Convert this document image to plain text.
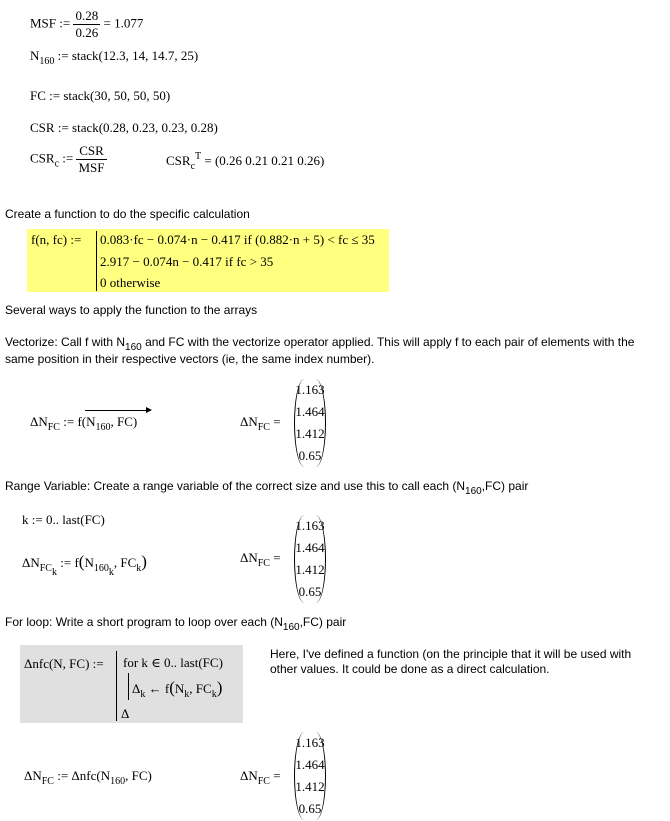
MSF := $\frac{0.28}{0.26} = 1.077$
$N_{160}$ := stack(12.3, 14, 14.7, 25)
FC := stack(30, 50, 50, 50)
CSR := stack(0.28, 0.23, 0.23, 0.28)
$CSR_c$ := $\frac{\text{CSR}}{\text{MSF}}$	$CSR_c^T = (0.26$ 0.21 0.21 0.26)
Create a function to do the specific calculation
f(n, fc) := 0.083·fc − 0.074·n − 0.417 if (0.882·n + 5) < fc ≤ 35
2.917 − 0.074n − 0.417 if fc > 35
0 otherwise
Several ways to apply the function to the arrays
Vectorize: Call f with $N_{160}$ and FC with the vectorize operator applied. This will apply f to each pair of elements with the
same position in their respective vectors (ie, the same index number).
$\Delta N_{FC}$ := $f(N_{160}$, FC)	$\Delta N_{FC}$ =
1.163
1.464
1.412
0.65
Range Variable: Create a range variable of the correct size and use this to call each $(N_{160},FC)$ pair
k := 0.. last(FC)
$\Delta N_{FC_k}$ := $f(N_{160_k}$, $FC_k$)	$\Delta N_{FC}$ =
1.163
1.464
1.412
0.65
For loop: Write a short program to loop over each $(N_{160},FC)$ pair
Δnfc(N, FC) := for k ∈ 0.. last(FC)
$\Delta_k$ ← $f(N_k$, $FC_k$)
Δ
Here, I've defined a function (on the principle that it will be used with
other values. It could be done as a direct calculation.
$\Delta N_{FC}$ := $\Delta nfc(N_{160}$, FC)	$\Delta N_{FC}$ =
1.163
1.464
1.412
0.65
